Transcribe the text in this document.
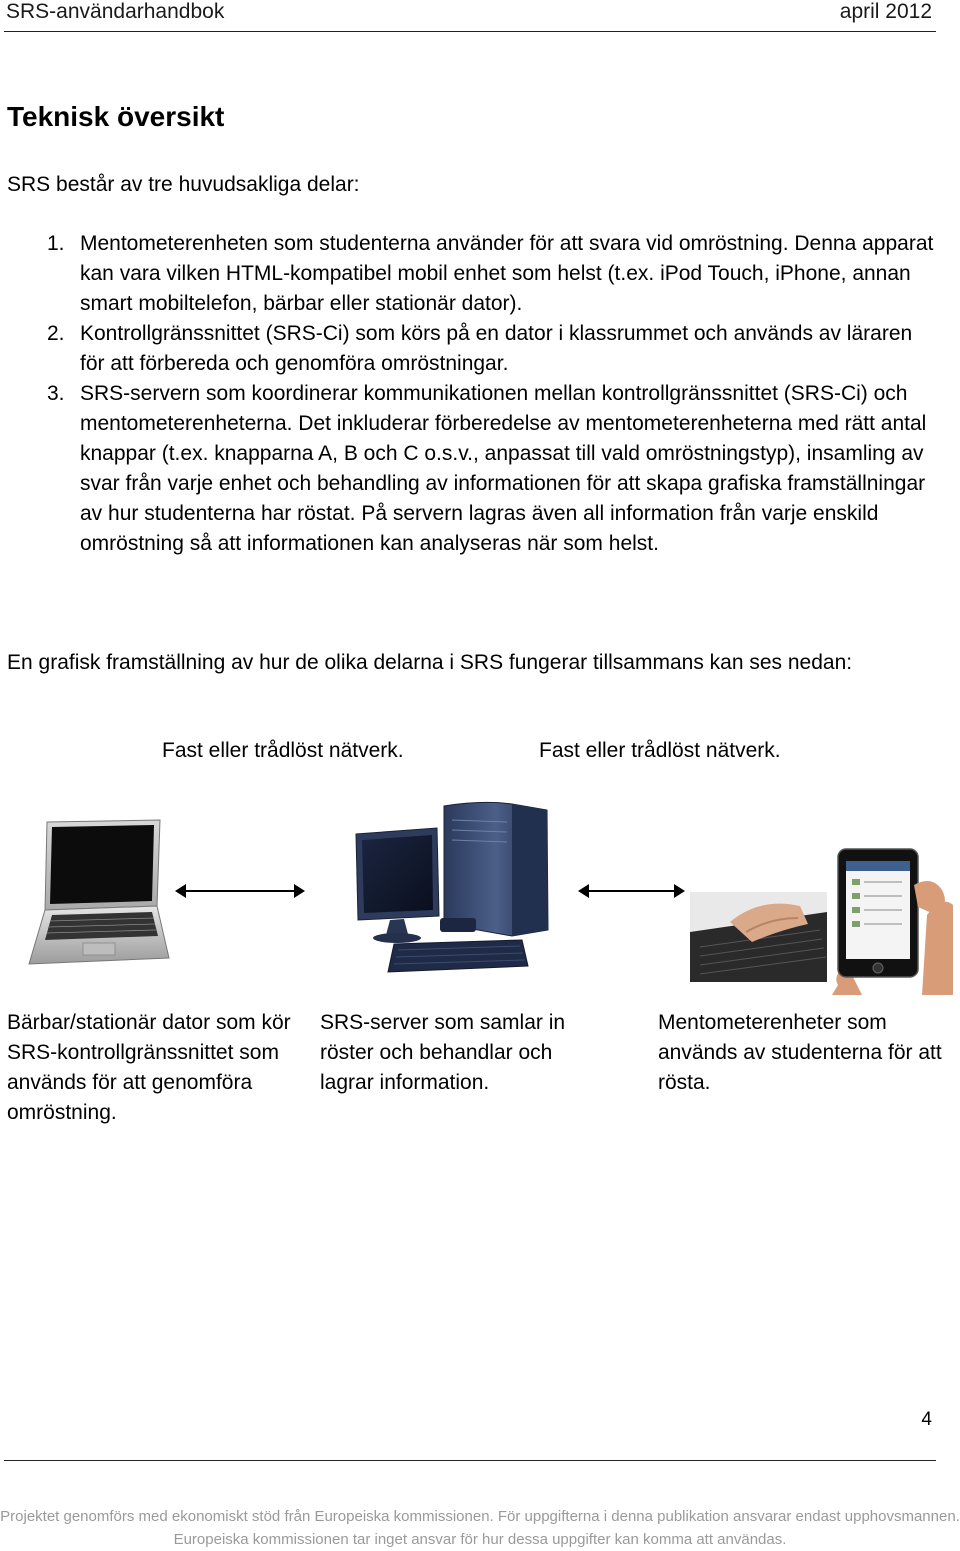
SRS-användarhandbok	april 2012
Teknisk översikt
SRS består av tre huvudsakliga delar:
1. Mentometerenheten som studenterna använder för att svara vid omröstning. Denna apparat kan vara vilken HTML-kompatibel mobil enhet som helst (t.ex. iPod Touch, iPhone, annan smart mobiltelefon, bärbar eller stationär dator).
2. Kontrollgränssnittet (SRS-Ci) som körs på en dator i klassrummet och används av läraren för att förbereda och genomföra omröstningar.
3. SRS-servern som koordinerar kommunikationen mellan kontrollgränssnittet (SRS-Ci) och mentometerenheterna. Det inkluderar förberedelse av mentometerenheterna med rätt antal knappar (t.ex. knapparna A, B och C o.s.v., anpassat till vald omröstningstyp), insamling av svar från varje enhet och behandling av informationen för att skapa grafiska framställningar av hur studenterna har röstat. På servern lagras även all information från varje enskild omröstning så att informationen kan analyseras när som helst.
En grafisk framställning av hur de olika delarna i SRS fungerar tillsammans kan ses nedan:
Fast eller trådlöst nätverk.	Fast eller trådlöst nätverk.
Bärbar/stationär dator som kör SRS-kontrollgränssnittet som används för att genomföra omröstning.
SRS-server som samlar in röster och behandlar och lagrar information.
Mentometerenheter som används av studenterna för att rösta.
4
Projektet genomförs med ekonomiskt stöd från Europeiska kommissionen. För uppgifterna i denna publikation ansvarar endast upphovsmannen. Europeiska kommissionen tar inget ansvar för hur dessa uppgifter kan komma att användas.
